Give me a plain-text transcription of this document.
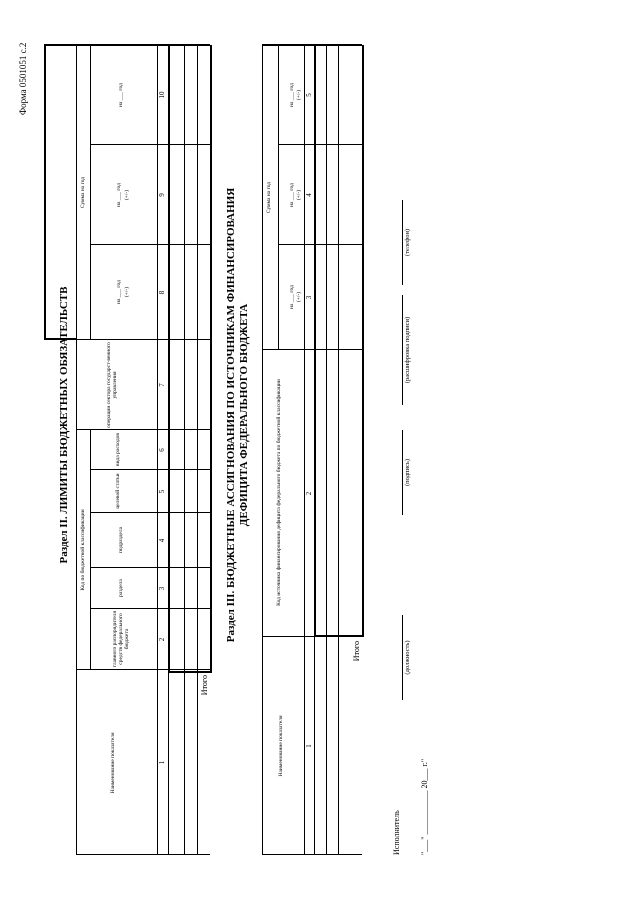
Форма 0501051 с.2
Раздел II. ЛИМИТЫ БЮДЖЕТНЫХ ОБЯЗАТЕЛЬСТВ
Наименование показателя
Код по бюджетной классификации
главного распорядителя средств федерального бюджета
раздела
подраздела
целевой статьи
вида расходов
операции сектора государст-венного управления
Сумма на год
на ___ год (+/-)
на ___ год (+/-)
на ___ год
1
2
3
4
5
6
7
8
9
10
Итого
Раздел III. БЮДЖЕТНЫЕ АССИГНОВАНИЯ ПО ИСТОЧНИКАМ ФИНАНСИРОВАНИЯ ДЕФИЦИТА ФЕДЕРАЛЬНОГО БЮДЖЕТА
Наименование показателя
Код источника финансирования дефицита федерального бюджета по бюджетной классификации
Сумма на год
на ___ год (+/-)
на ___ год (+/-)
на ___ год (+/-)
1
2
3
4
5
Итого
Исполнитель
(должность)
(подпись)
(расшифровка подписи)
(телефон)
"___" ___________ 20___ г."
